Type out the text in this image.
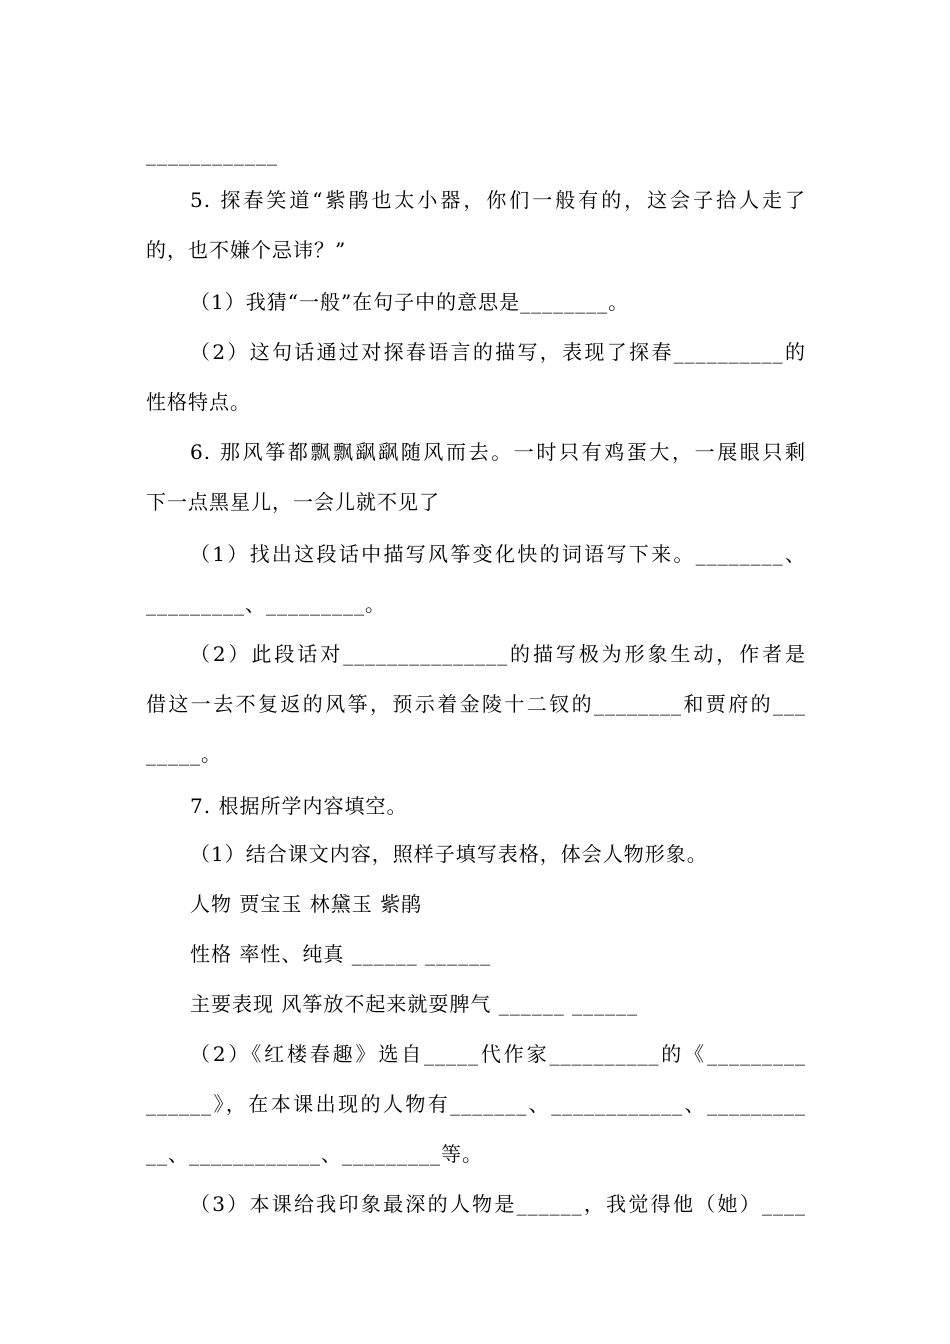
____________
5. 探春笑道“紫鹃也太小器，你们一般有的，这会子拾人走了
的，也不嫌个忌讳？”
（1）我猜“一般”在句子中的意思是________。
（2）这句话通过对探春语言的描写，表现了探春__________的
性格特点。
6. 那风筝都飘飘飖飖随风而去。一时只有鸡蛋大，一展眼只剩
下一点黑星儿，一会儿就不见了
（1）找出这段话中描写风筝变化快的词语写下来。________、
_________、_________。
（2）此段话对_______________的描写极为形象生动，作者是
借这一去不复返的风筝，预示着金陵十二钗的________和贾府的___
_____。
7. 根据所学内容填空。
（1）结合课文内容，照样子填写表格，体会人物形象。
人物 贾宝玉 林黛玉 紫鹃
性格 率性、纯真 ______ ______
主要表现 风筝放不起来就耍脾气 ______ ______
（2）《红楼春趣》选自_____代作家__________的《_________
______》，在本课出现的人物有_______、____________、_________
__、____________、_________等。
（3）本课给我印象最深的人物是______，我觉得他（她）____
